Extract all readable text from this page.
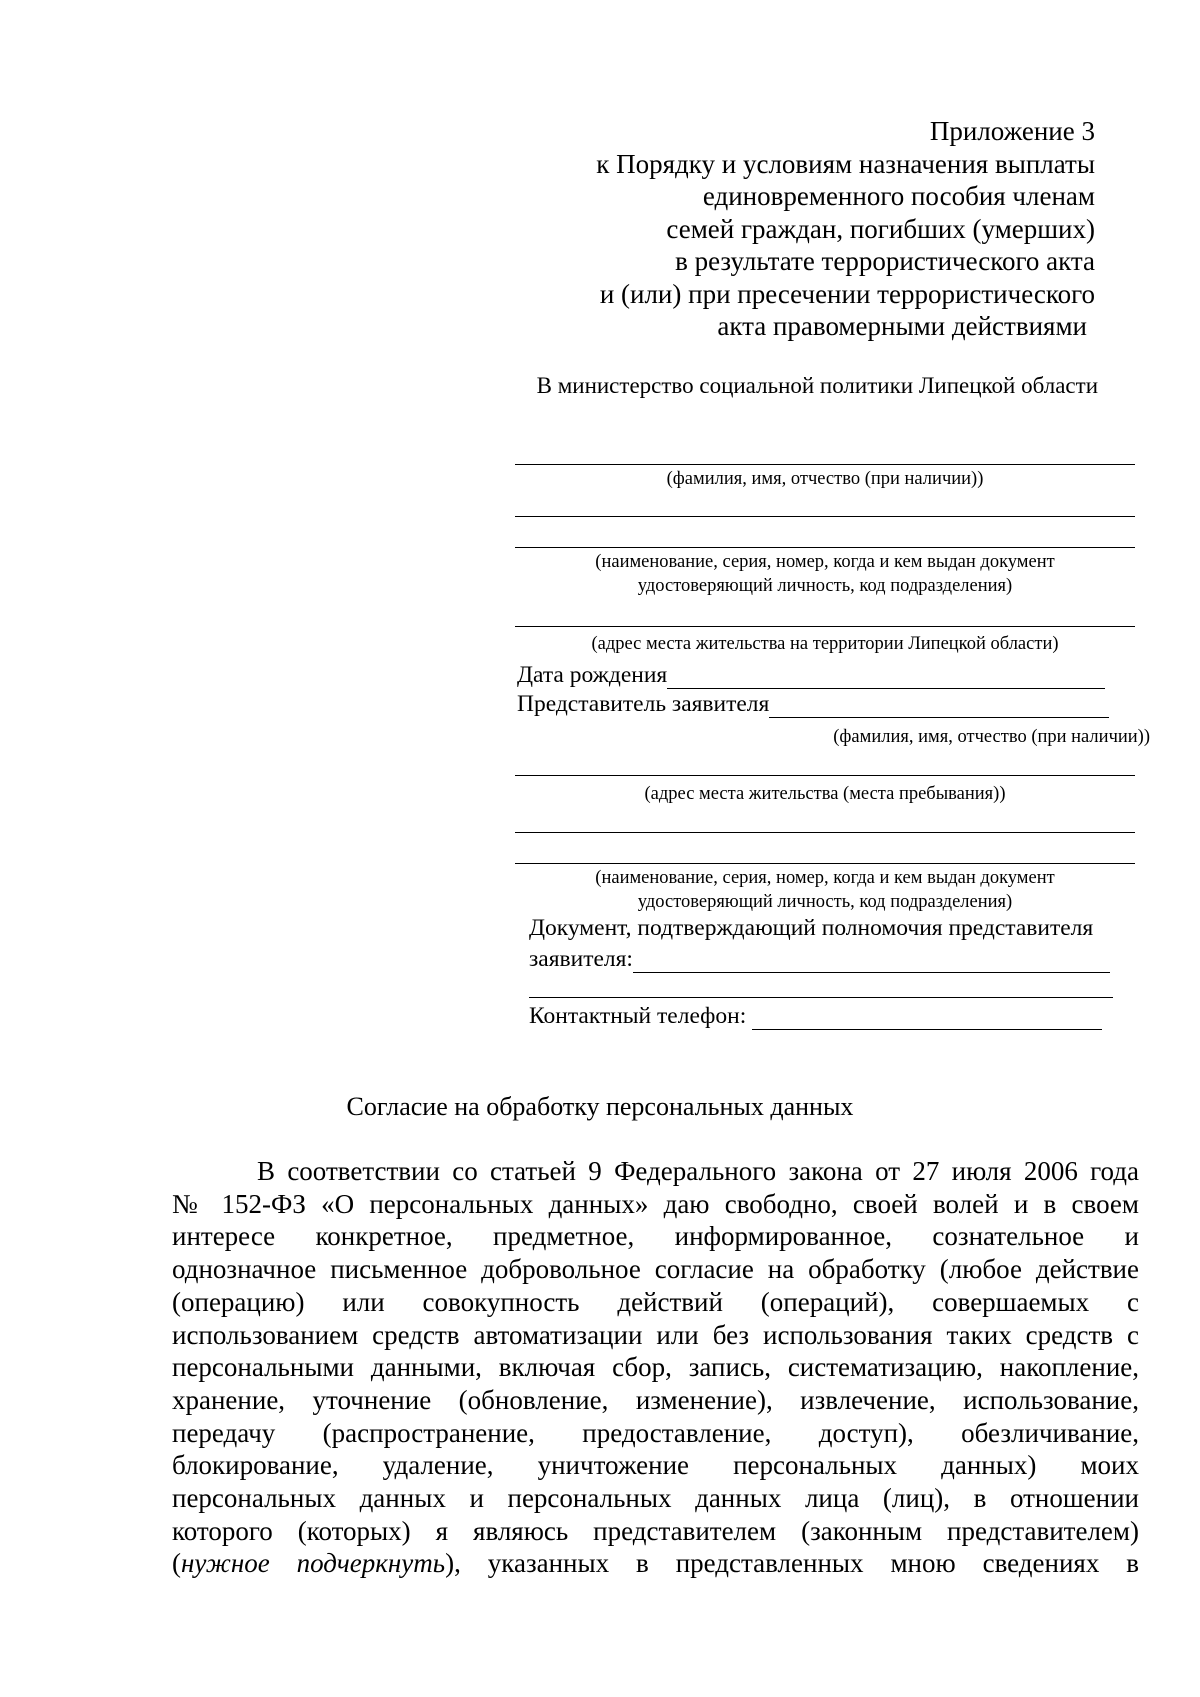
Приложение 3
к Порядку и условиям назначения выплаты
единовременного пособия членам
семей граждан, погибших (умерших)
в результате террористического акта
и (или) при пресечении террористического
акта правомерными действиями
В министерство социальной политики Липецкой области
(фамилия, имя, отчество (при наличии))
(наименование, серия, номер, когда и кем выдан документ
удостоверяющий личность, код подразделения)
(адрес места жительства на территории Липецкой области)
Дата рождения
Представитель заявителя
(фамилия, имя, отчество (при наличии))
(адрес места жительства (места пребывания))
(наименование, серия, номер, когда и кем выдан документ
удостоверяющий личность, код подразделения)
Документ, подтверждающий полномочия представителя
заявителя:
Контактный телефон:
Согласие на обработку персональных данных
В соответствии со статьей 9 Федерального закона от 27 июля 2006 года
№ 152-ФЗ «О персональных данных» даю свободно, своей волей и в своем
интересе конкретное, предметное, информированное, сознательное и
однозначное письменное добровольное согласие на обработку (любое действие
(операцию) или совокупность действий (операций), совершаемых с
использованием средств автоматизации или без использования таких средств с
персональными данными, включая сбор, запись, систематизацию, накопление,
хранение, уточнение (обновление, изменение), извлечение, использование,
передачу (распространение, предоставление, доступ), обезличивание,
блокирование, удаление, уничтожение персональных данных) моих
персональных данных и персональных данных лица (лиц), в отношении
которого (которых) я являюсь представителем (законным представителем)
(нужное подчеркнуть), указанных в представленных мною сведениях в
